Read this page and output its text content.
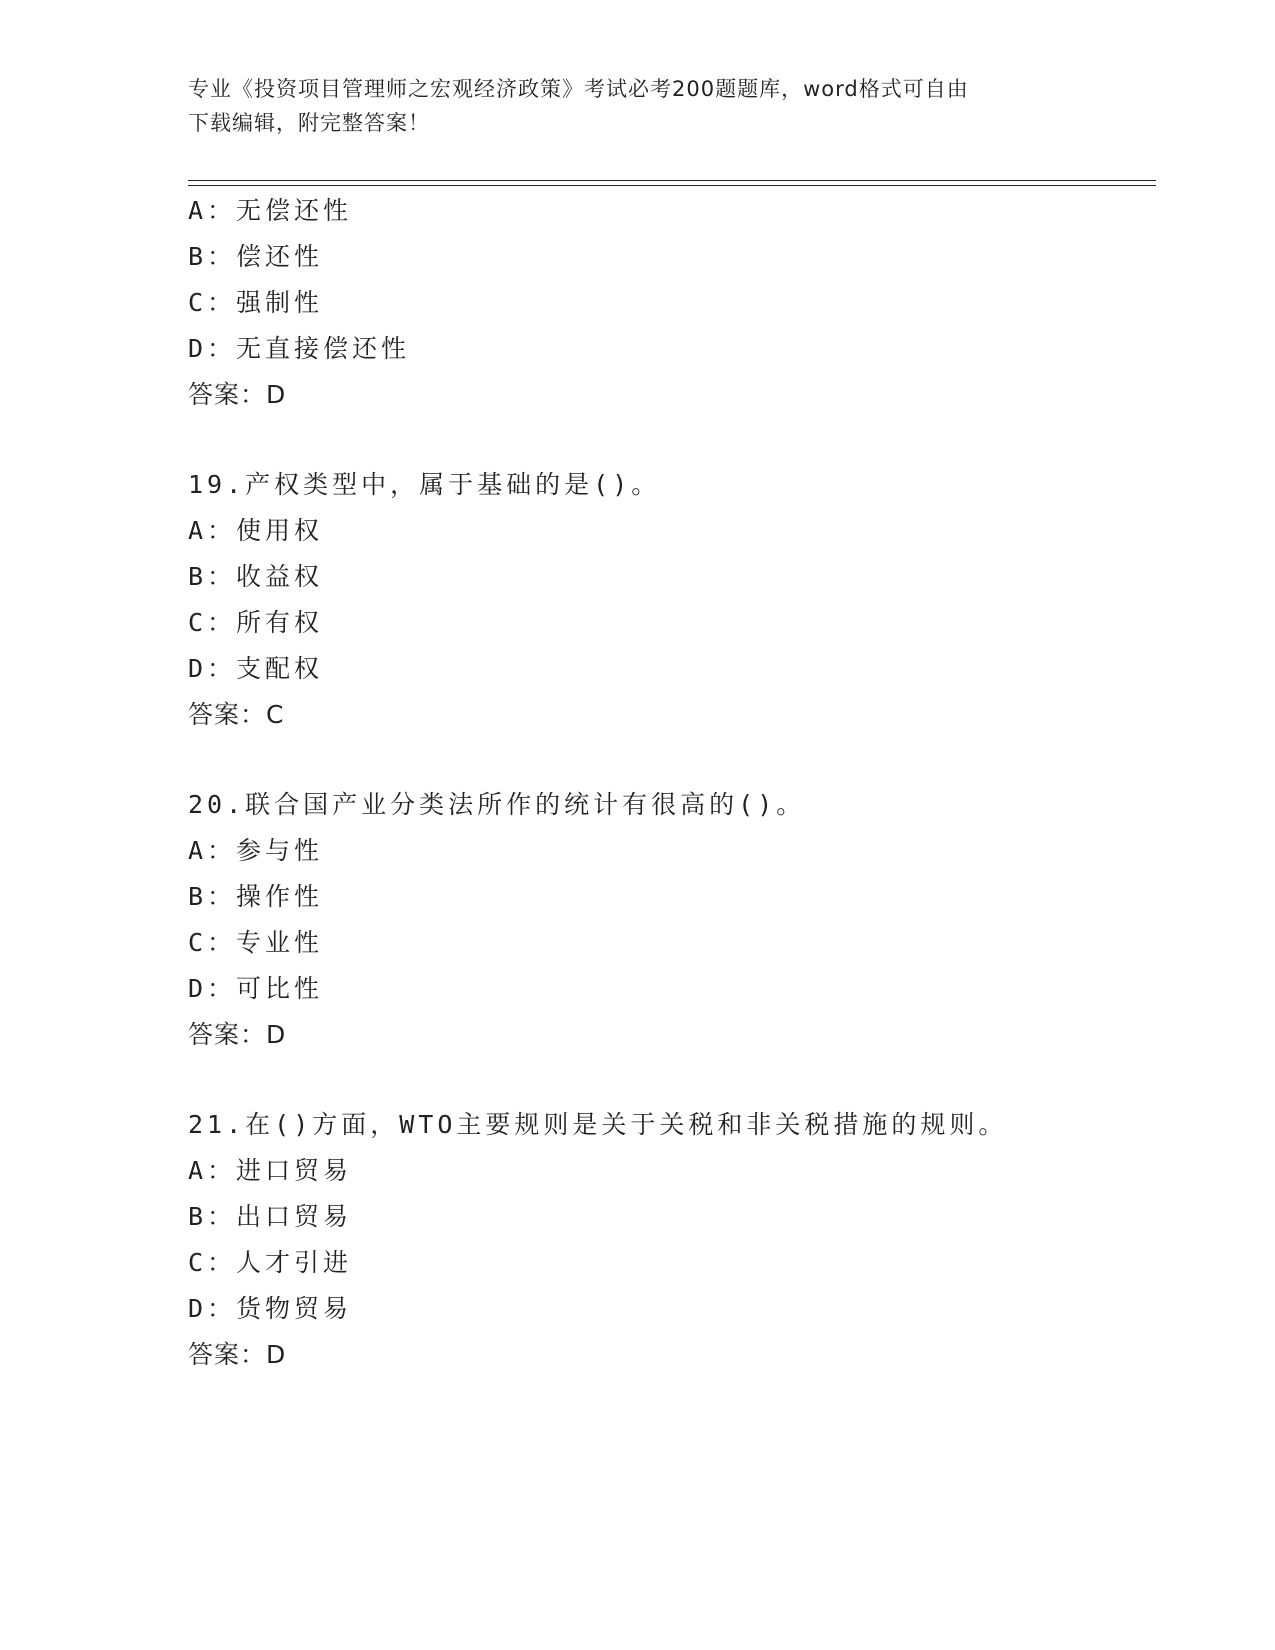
专业《投资项目管理师之宏观经济政策》考试必考200题题库，word格式可自由
下载编辑，附完整答案！
A：无偿还性
B：偿还性
C：强制性
D：无直接偿还性
答案：D
19.产权类型中，属于基础的是()。
A：使用权
B：收益权
C：所有权
D：支配权
答案：C
20.联合国产业分类法所作的统计有很高的()。
A：参与性
B：操作性
C：专业性
D：可比性
答案：D
21.在()方面，WTO主要规则是关于关税和非关税措施的规则。
A：进口贸易
B：出口贸易
C：人才引进
D：货物贸易
答案：D
